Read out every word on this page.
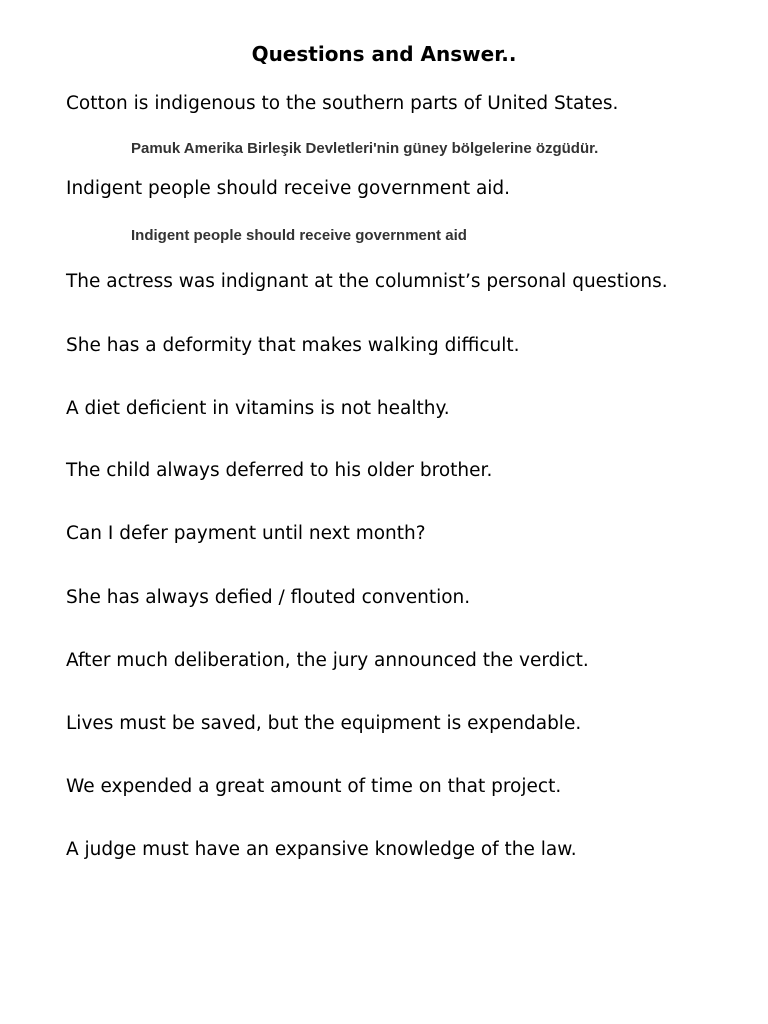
Questions and Answer..

Cotton is indigenous to the southern parts of United States.

Pamuk Amerika Birleşik Devletleri'nin güney bölgelerine özgüdür.

Indigent people should receive government aid.

Indigent people should receive government aid

The actress was indignant at the columnist’s personal questions.

She has a deformity that makes walking difficult.

A diet deficient in vitamins is not healthy.

The child always deferred to his older brother.

Can I defer payment until next month?

She has always defied / flouted convention.

After much deliberation, the jury announced the verdict.

Lives must be saved, but the equipment is expendable.

We expended a great amount of time on that project.

A judge must have an expansive knowledge of the law.
